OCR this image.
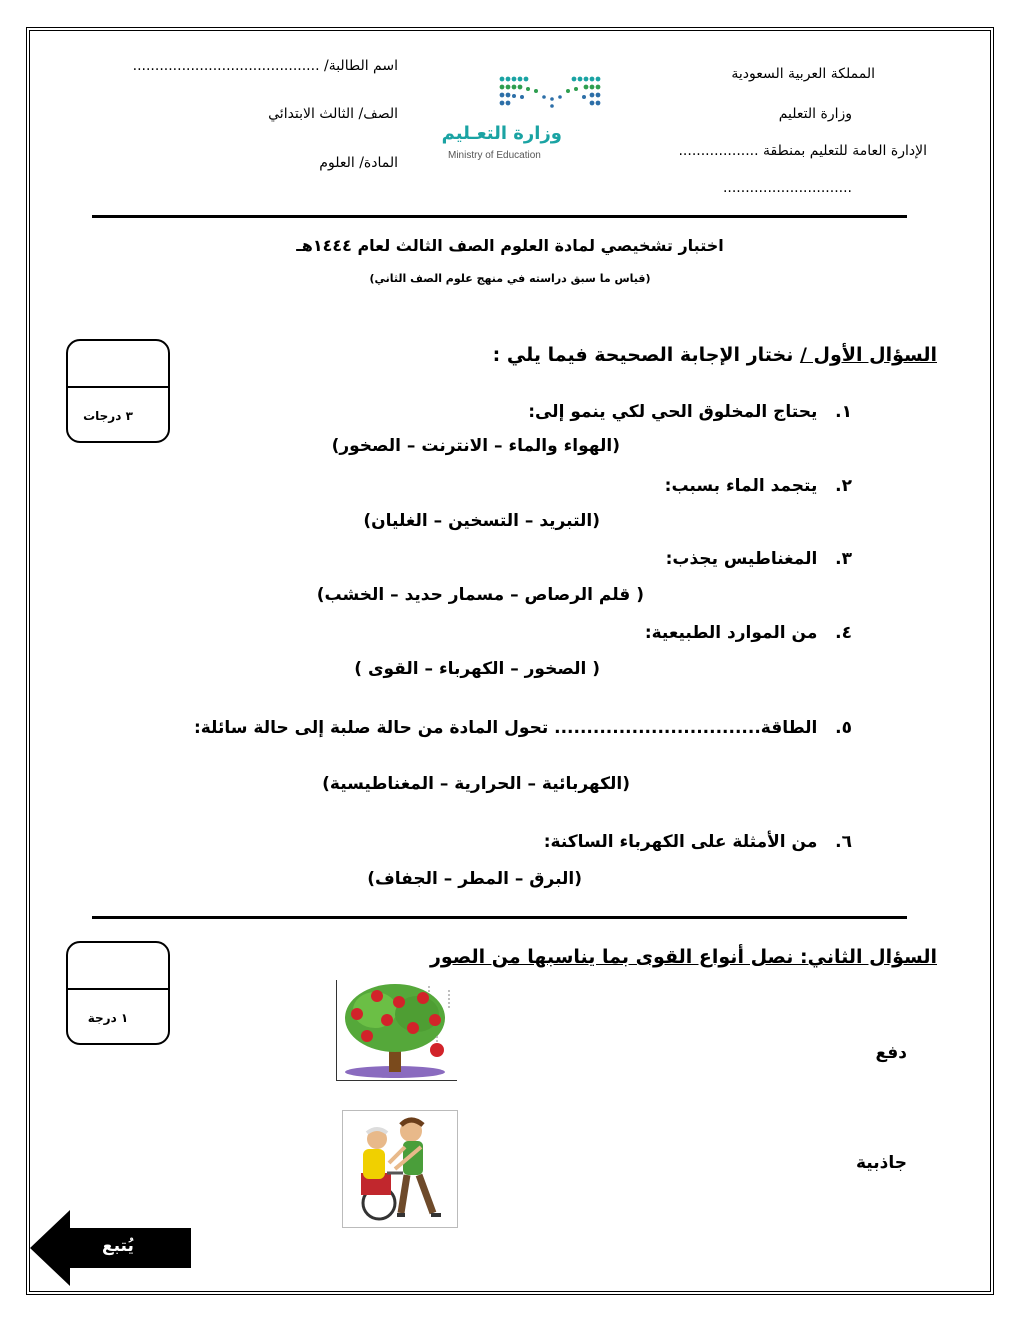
المملكة العربية السعودية
وزارة التعليم
الإدارة العامة للتعليم بمنطقة ..................
.............................
اسم الطالبة/ ..........................................
الصف/ الثالث الابتدائي
المادة/ العلوم
وزارة التعـليم
Ministry of Education
اختبار تشخيصي لمادة العلوم الصف الثالث لعام ١٤٤٤هـ
(قياس ما سبق دراسته في منهج علوم الصف الثاني)
٣ درجات
السؤال الأول / نختار الإجابة الصحيحة فيما يلي :
١.   يحتاج المخلوق الحي لكي ينمو إلى:
(الهواء والماء – الانترنت – الصخور)
٢.   يتجمد الماء بسبب:
(التبريد – التسخين – الغليان)
٣.   المغناطيس يجذب:
( قلم الرصاص – مسمار حديد – الخشب)
٤.   من الموارد الطبيعية:
( الصخور – الكهرباء – القوى )
٥.   الطاقة................................ تحول المادة من حالة صلبة إلى حالة سائلة:
(الكهربائية – الحرارية – المغناطيسية)
٦.   من الأمثلة على الكهرباء الساكنة:
(البرق – المطر – الجفاف)
١ درجة
السؤال الثاني: نصل أنواع القوى بما يناسبها من الصور
دفع
جاذبية
يُتبع
